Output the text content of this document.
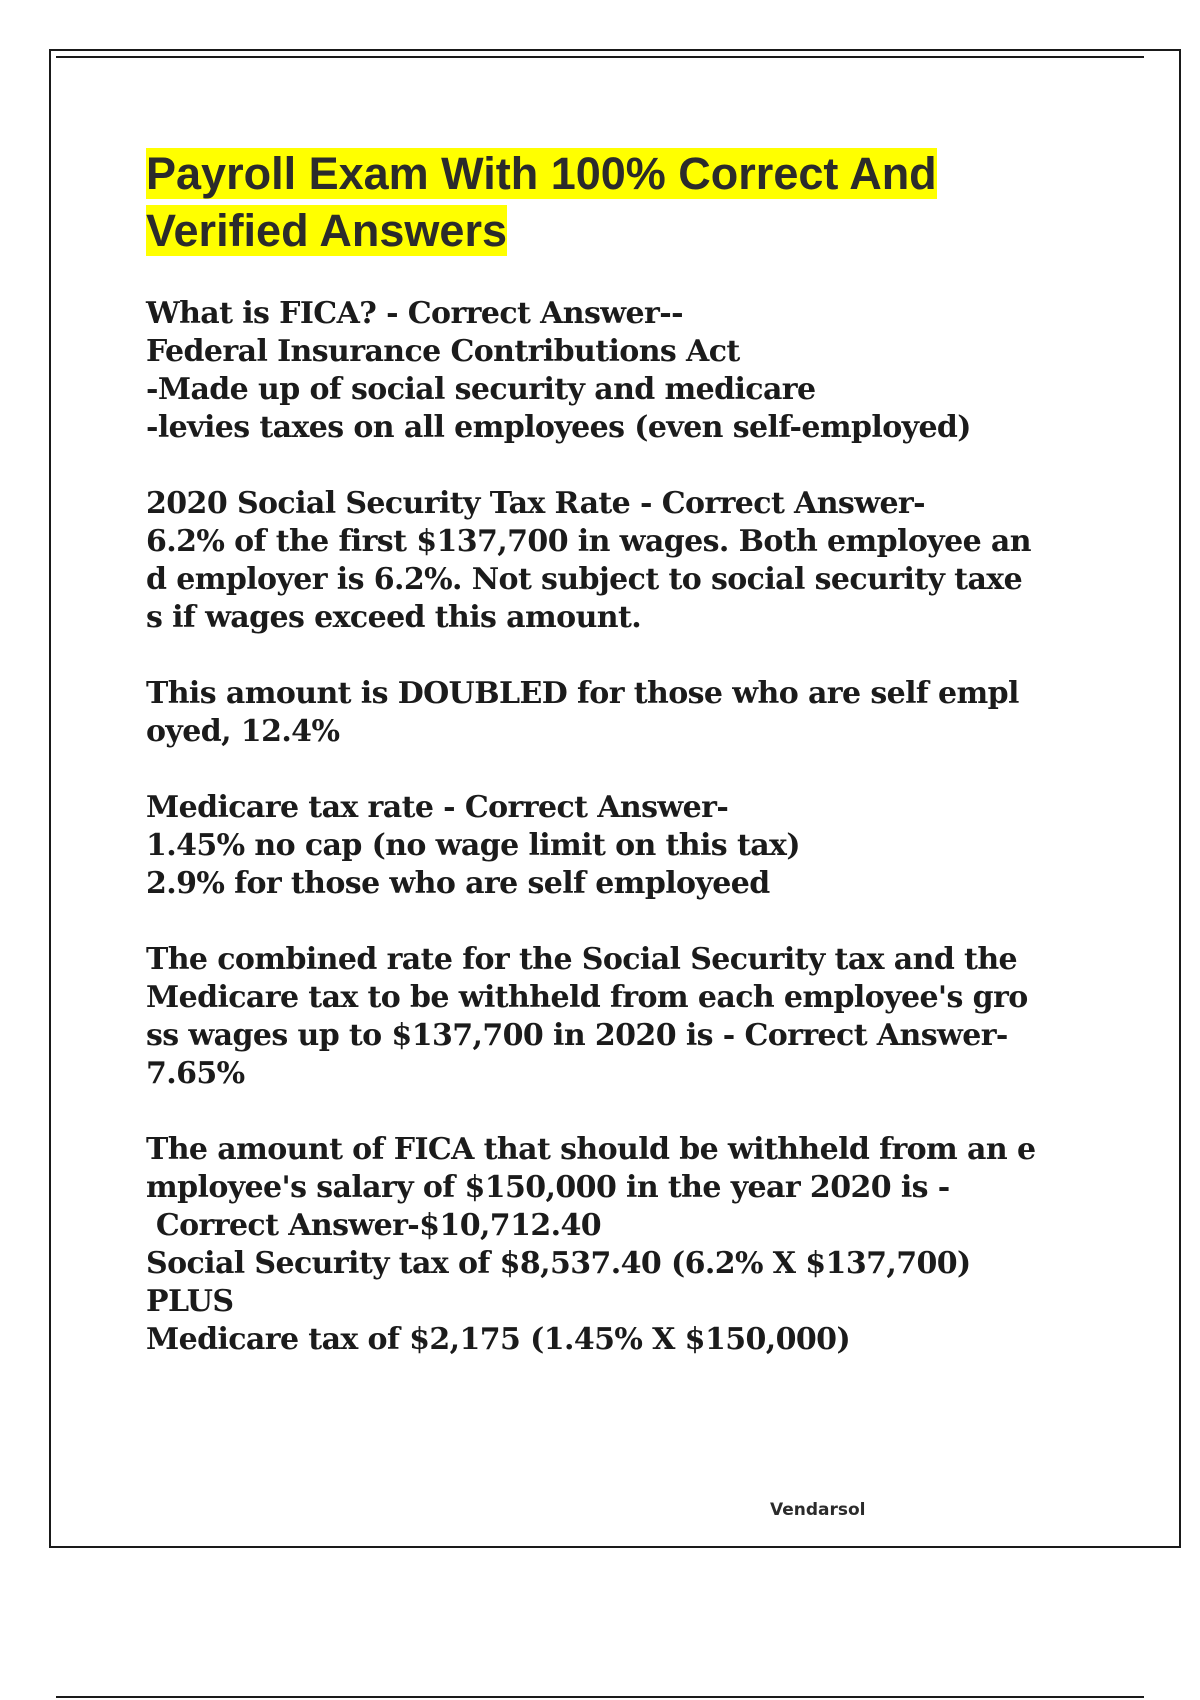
Payroll Exam With 100% Correct And
Verified Answers
What is FICA? - Correct Answer--
Federal Insurance Contributions Act
-Made up of social security and medicare
-levies taxes on all employees (even self-employed)
2020 Social Security Tax Rate - Correct Answer-
6.2% of the first $137,700 in wages. Both employee an
d employer is 6.2%. Not subject to social security taxe
s if wages exceed this amount.
This amount is DOUBLED for those who are self empl
oyed, 12.4%
Medicare tax rate - Correct Answer-
1.45% no cap (no wage limit on this tax)
2.9% for those who are self employeed
The combined rate for the Social Security tax and the
Medicare tax to be withheld from each employee's gro
ss wages up to $137,700 in 2020 is - Correct Answer-
7.65%
The amount of FICA that should be withheld from an e
mployee's salary of $150,000 in the year 2020 is -
Correct Answer-$10,712.40
Social Security tax of $8,537.40 (6.2% X $137,700)
PLUS
Medicare tax of $2,175 (1.45% X $150,000)
Vendarsol
